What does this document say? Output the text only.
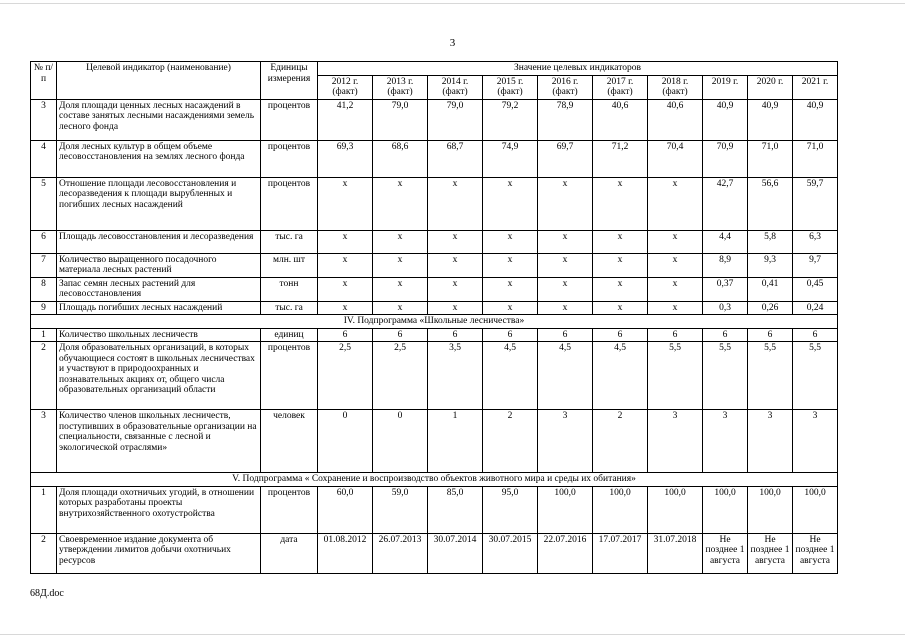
3
№ п/п	Целевой индикатор (наименование)	Единицы измерения	Значение целевых индикаторов									
			2012 г. (факт)	2013 г. (факт)	2014 г. (факт)	2015 г. (факт)	2016 г. (факт)	2017 г. (факт)	2018 г. (факт)	2019 г.	2020 г.	2021 г.
3	Доля площади ценных лесных насаждений в составе занятых лесными насаждениями земель лесного фонда	процентов	41,2	79,0	79,0	79,2	78,9	40,6	40,6	40,9	40,9	40,9
4	Доля лесных культур в общем объеме лесовосстановления на землях лесного фонда	процентов	69,3	68,6	68,7	74,9	69,7	71,2	70,4	70,9	71,0	71,0
5	Отношение площади лесовосстановления и лесоразведения к площади вырубленных и погибших лесных насаждений	процентов	x	x	x	x	x	x	x	42,7	56,6	59,7
6	Площадь лесовосстановления и лесоразведения	тыс. га	x	x	x	x	x	x	x	4,4	5,8	6,3
7	Количество выращенного посадочного материала лесных растений	млн. шт	x	x	x	x	x	x	x	8,9	9,3	9,7
8	Запас семян лесных растений для лесовосстановления	тонн	x	x	x	x	x	x	x	0,37	0,41	0,45
9	Площадь погибших лесных насаждений	тыс. га	x	x	x	x	x	x	x	0,3	0,26	0,24
IV. Подпрограмма «Школьные лесничества»												
1	Количество школьных лесничеств	единиц	6	6	6	6	6	6	6	6	6	6
2	Доля образовательных организаций, в которых обучающиеся состоят в школьных лесничествах и участвуют в природоохранных и познавательных акциях от, общего числа образовательных организаций области	процентов	2,5	2,5	3,5	4,5	4,5	4,5	5,5	5,5	5,5	5,5
3	Количество членов школьных лесничеств, поступивших в образовательные организации на специальности, связанные с лесной и экологической отраслями»	человек	0	0	1	2	3	2	3	3	3	3
V. Подпрограмма « Сохранение и воспроизводство объектов животного мира и среды их обитания»												
1	Доля площади охотничьих угодий, в отношении которых разработаны проекты внутрихозяйственного охотустройства	процентов	60,0	59,0	85,0	95,0	100,0	100,0	100,0	100,0	100,0	100,0
2	Своевременное издание документа об утверждении лимитов добычи охотничьих ресурсов	дата	01.08.2012	26.07.2013	30.07.2014	30.07.2015	22.07.2016	17.07.2017	31.07.2018	Не позднее 1 августа	Не позднее 1 августа	Не позднее 1 августа
68Д.doc
